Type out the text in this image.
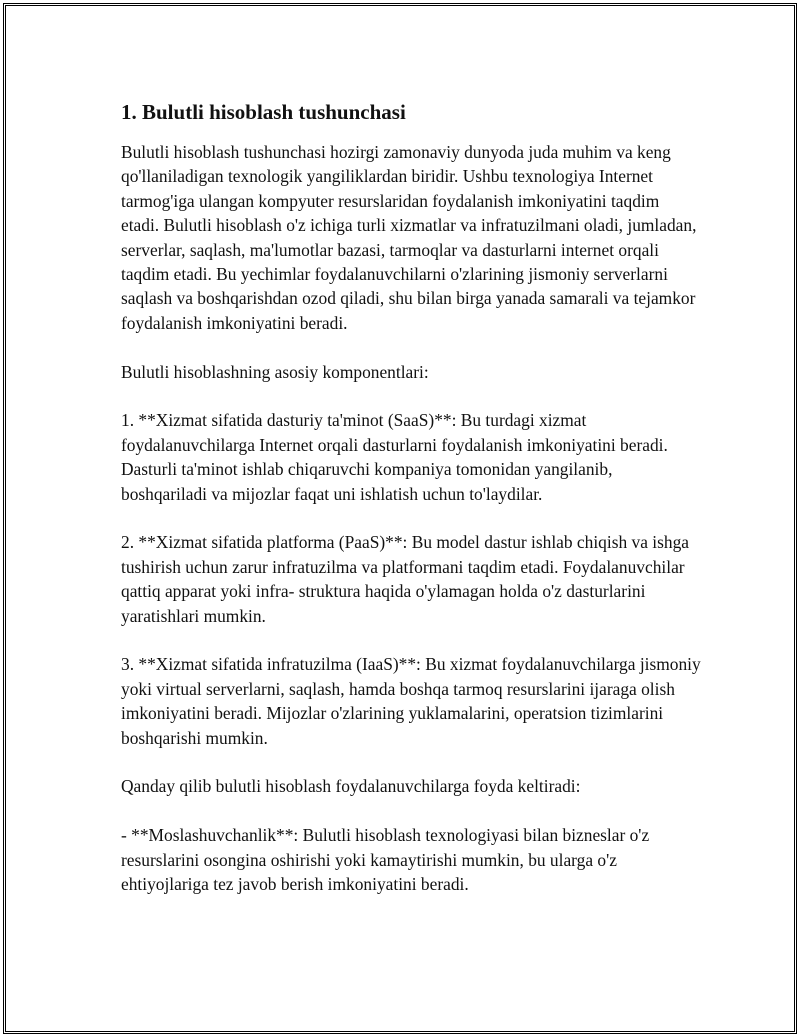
1. Bulutli hisoblash tushunchasi

Bulutli hisoblash tushunchasi hozirgi zamonaviy dunyoda juda muhim va keng qo'llaniladigan texnologik yangiliklardan biridir. Ushbu texnologiya Internet tarmog'iga ulangan kompyuter resurslaridan foydalanish imkoniyatini taqdim etadi. Bulutli hisoblash o'z ichiga turli xizmatlar va infratuzilmani oladi, jumladan, serverlar, saqlash, ma'lumotlar bazasi, tarmoqlar va dasturlarni internet orqali taqdim etadi. Bu yechimlar foydalanuvchilarni o'zlarining jismoniy serverlarni saqlash va boshqarishdan ozod qiladi, shu bilan birga yanada samarali va tejamkor foydalanish imkoniyatini beradi.

Bulutli hisoblashning asosiy komponentlari:

1. **Xizmat sifatida dasturiy ta'minot (SaaS)**: Bu turdagi xizmat foydalanuvchilarga Internet orqali dasturlarni foydalanish imkoniyatini beradi. Dasturli ta'minot ishlab chiqaruvchi kompaniya tomonidan yangilanib, boshqariladi va mijozlar faqat uni ishlatish uchun to'laydilar.

2. **Xizmat sifatida platforma (PaaS)**: Bu model dastur ishlab chiqish va ishga tushirish uchun zarur infratuzilma va platformani taqdim etadi. Foydalanuvchilar qattiq apparat yoki infra- struktura haqida o'ylamagan holda o'z dasturlarini yaratishlari mumkin.

3. **Xizmat sifatida infratuzilma (IaaS)**: Bu xizmat foydalanuvchilarga jismoniy yoki virtual serverlarni, saqlash, hamda boshqa tarmoq resurslarini ijaraga olish imkoniyatini beradi. Mijozlar o'zlarining yuklamalarini, operatsion tizimlarini boshqarishi mumkin.

Qanday qilib bulutli hisoblash foydalanuvchilarga foyda keltiradi:

- **Moslashuvchanlik**: Bulutli hisoblash texnologiyasi bilan bizneslar o'z resurslarini osongina oshirishi yoki kamaytirishi mumkin, bu ularga o'z ehtiyojlariga tez javob berish imkoniyatini beradi.
